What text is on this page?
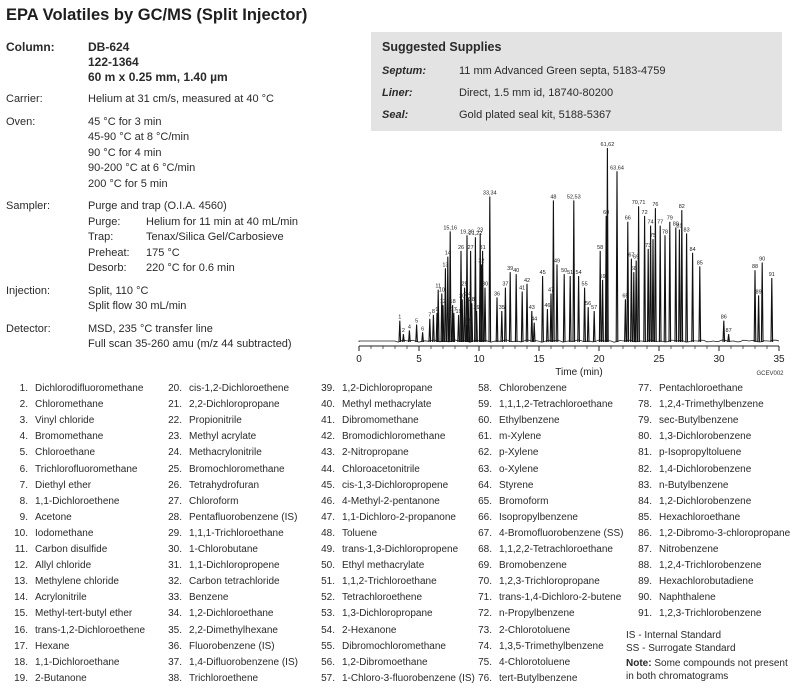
EPA Volatiles by GC/MS (Split Injector)
Column:	DB-624
122-1364
60 m x 0.25 mm, 1.40 µm
Carrier:	Helium at 31 cm/s, measured at 40 °C
Oven:	45 °C for 3 min
45-90 °C at 8 °C/min
90 °C for 4 min
90-200 °C at 6 °C/min
200 °C for 5 min
Sampler:	Purge and trap (O.I.A. 4560)
Purge:	Helium for 11 min at 40 mL/min
Trap:	Tenax/Silica Gel/Carbosieve
Preheat:	175 °C
Desorb:	220 °C for 0.6 min
Injection:	Split, 110 °C
Split flow 30 mL/min
Detector:	MSD, 235 °C transfer line
Full scan 35-260 amu (m/z 44 subtracted)
Suggested Supplies
Septum:	11 mm Advanced Green septa, 5183-4759
Liner:	Direct, 1.5 mm id, 18740-80200
Seal:	Gold plated seal kit, 5188-5367
1
2
4
5
6
7
8 9
11
10
13
12
14
15,16
18
17
19
20
22
24
25
26 27
28
19,20
21,22
29
23
31
32
30
33,34
36
35
37
39 40
41
42
43
44
45
46
47
48
49
50 51
52,53
54
55
56
57
58
59
60
61,62
63,64
65
66
67
68
69
70,71
72
73
74
75
76
77
78
79
80
81
82
83
84
85
86
87
88
89
90
91
0	5	10	15	20	25	30	35
Time (min)	GCEV002
1. Dichlorodifluoromethane
2. Chloromethane
3. Vinyl chloride
4. Bromomethane
5. Chloroethane
6. Trichlorofluoromethane
7. Diethyl ether
8. 1,1-Dichloroethene
9. Acetone
10. Iodomethane
11. Carbon disulfide
12. Allyl chloride
13. Methylene chloride
14. Acrylonitrile
15. Methyl-tert-butyl ether
16. trans-1,2-Dichloroethene
17. Hexane
18. 1,1-Dichloroethane
19. 2-Butanone
20. cis-1,2-Dichloroethene
21. 2,2-Dichloropropane
22. Propionitrile
23. Methyl acrylate
24. Methacrylonitrile
25. Bromochloromethane
26. Tetrahydrofuran
27. Chloroform
28. Pentafluorobenzene (IS)
29. 1,1,1-Trichloroethane
30. 1-Chlorobutane
31. 1,1-Dichloropropene
32. Carbon tetrachloride
33. Benzene
34. 1,2-Dichloroethane
35. 2,2-Dimethylhexane
36. Fluorobenzene (IS)
37. 1,4-Difluorobenzene (IS)
38. Trichloroethene
39. 1,2-Dichloropropane
40. Methyl methacrylate
41. Dibromomethane
42. Bromodichloromethane
43. 2-Nitropropane
44. Chloroacetonitrile
45. cis-1,3-Dichloropropene
46. 4-Methyl-2-pentanone
47. 1,1-Dichloro-2-propanone
48. Toluene
49. trans-1,3-Dichloropropene
50. Ethyl methacrylate
51. 1,1,2-Trichloroethane
52. Tetrachloroethene
53. 1,3-Dichloropropane
54. 2-Hexanone
55. Dibromochloromethane
56. 1,2-Dibromoethane
57. 1-Chloro-3-fluorobenzene (IS)
58. Chlorobenzene
59. 1,1,1,2-Tetrachloroethane
60. Ethylbenzene
61. m-Xylene
62. p-Xylene
63. o-Xylene
64. Styrene
65. Bromoform
66. Isopropylbenzene
67. 4-Bromofluorobenzene (SS)
68. 1,1,2,2-Tetrachloroethane
69. Bromobenzene
70. 1,2,3-Trichloropropane
71. trans-1,4-Dichloro-2-butene
72. n-Propylbenzene
73. 2-Chlorotoluene
74. 1,3,5-Trimethylbenzene
75. 4-Chlorotoluene
76. tert-Butylbenzene
77. Pentachloroethane
78. 1,2,4-Trimethylbenzene
79. sec-Butylbenzene
80. 1,3-Dichlorobenzene
81. p-Isopropyltoluene
82. 1,4-Dichlorobenzene
83. n-Butylbenzene
84. 1,2-Dichlorobenzene
85. Hexachloroethane
86. 1,2-Dibromo-3-chloropropane
87. Nitrobenzene
88. 1,2,4-Trichlorobenzene
89. Hexachlorobutadiene
90. Naphthalene
91. 1,2,3-Trichlorobenzene
IS - Internal Standard
SS - Surrogate Standard
Note: Some compounds not present
in both chromatograms
